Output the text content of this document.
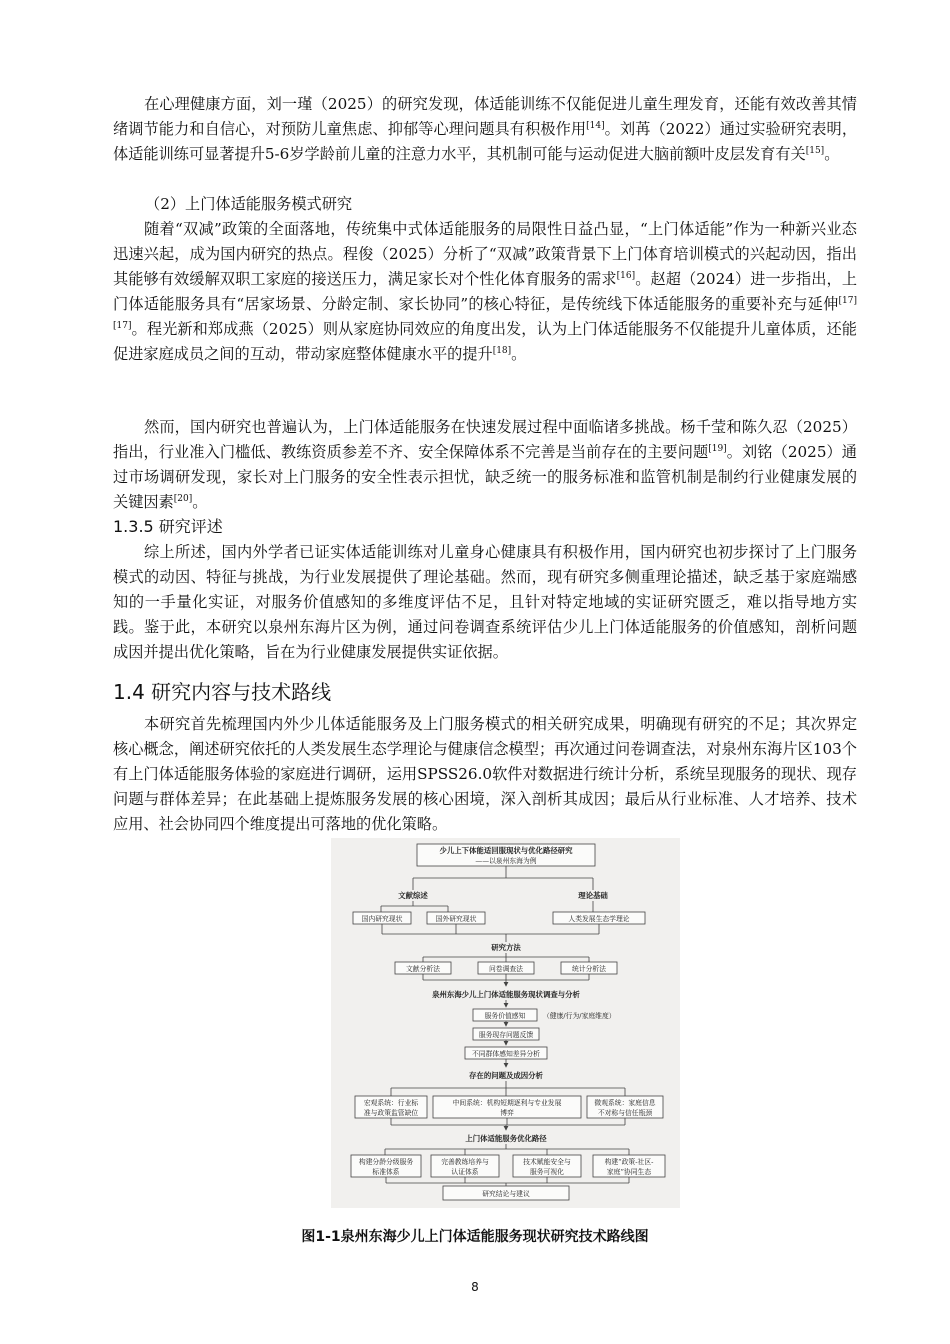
在心理健康方面，刘一瑾（2025）的研究发现，体适能训练不仅能促进儿童生理发育，还能有效改善其情绪调节能力和自信心，对预防儿童焦虑、抑郁等心理问题具有积极作用[14]。刘苒（2022）通过实验研究表明，体适能训练可显著提升5-6岁学龄前儿童的注意力水平，其机制可能与运动促进大脑前额叶皮层发育有关[15]。

（2）上门体适能服务模式研究

随着“双减”政策的全面落地，传统集中式体适能服务的局限性日益凸显，“上门体适能”作为一种新兴业态迅速兴起，成为国内研究的热点。程俊（2025）分析了“双减”政策背景下上门体育培训模式的兴起动因，指出其能够有效缓解双职工家庭的接送压力，满足家长对个性化体育服务的需求[16]。赵超（2024）进一步指出，上门体适能服务具有“居家场景、分龄定制、家长协同”的核心特征，是传统线下体适能服务的重要补充与延伸[17][17]。程光新和郑成燕（2025）则从家庭协同效应的角度出发，认为上门体适能服务不仅能提升儿童体质，还能促进家庭成员之间的互动，带动家庭整体健康水平的提升[18]。

然而，国内研究也普遍认为，上门体适能服务在快速发展过程中面临诸多挑战。杨千莹和陈久忍（2025）指出，行业准入门槛低、教练资质参差不齐、安全保障体系不完善是当前存在的主要问题[19]。刘铭（2025）通过市场调研发现，家长对上门服务的安全性表示担忧，缺乏统一的服务标准和监管机制是制约行业健康发展的关键因素[20]。

1.3.5 研究评述

综上所述，国内外学者已证实体适能训练对儿童身心健康具有积极作用，国内研究也初步探讨了上门服务模式的动因、特征与挑战，为行业发展提供了理论基础。然而，现有研究多侧重理论描述，缺乏基于家庭端感知的一手量化实证，对服务价值感知的多维度评估不足，且针对特定地域的实证研究匮乏，难以指导地方实践。鉴于此，本研究以泉州东海片区为例，通过问卷调查系统评估少儿上门体适能服务的价值感知，剖析问题成因并提出优化策略，旨在为行业健康发展提供实证依据。

1.4 研究内容与技术路线

本研究首先梳理国内外少儿体适能服务及上门服务模式的相关研究成果，明确现有研究的不足；其次界定核心概念，阐述研究依托的人类发展生态学理论与健康信念模型；再次通过问卷调查法，对泉州东海片区103个有上门体适能服务体验的家庭进行调研，运用SPSS26.0软件对数据进行统计分析，系统呈现服务的现状、现存问题与群体差异；在此基础上提炼服务发展的核心困境，深入剖析其成因；最后从行业标准、人才培养、技术应用、社会协同四个维度提出可落地的优化策略。

少儿上下体能适回服现状与优化路径研究
——以泉州东海为例
文献综述	理论基础
国内研究现状	国外研究现状	人类发展生态学理论
研究方法
文献分析法	问卷调查法	统计分析法
泉州东海少儿上门体适能服务现状调查与分析
服务价值感知	（健康/行为/家庭维度）
服务现存问题反馈
不同群体感知差异分析
存在的问题及成因分析
宏观系统：行业标
准与政策监管缺位
中间系统：机构短期逐利与专业发展
博弈
微观系统：家庭信息
不对称与信任瓶颈
上门体适能服务优化路径
构建分龄分级服务
标准体系
完善教练培养与
认证体系
技术赋能安全与
服务可视化
构建“政策-社区-
家庭”协同生态
研究结论与建议
图1-1泉州东海少儿上门体适能服务现状研究技术路线图
8
